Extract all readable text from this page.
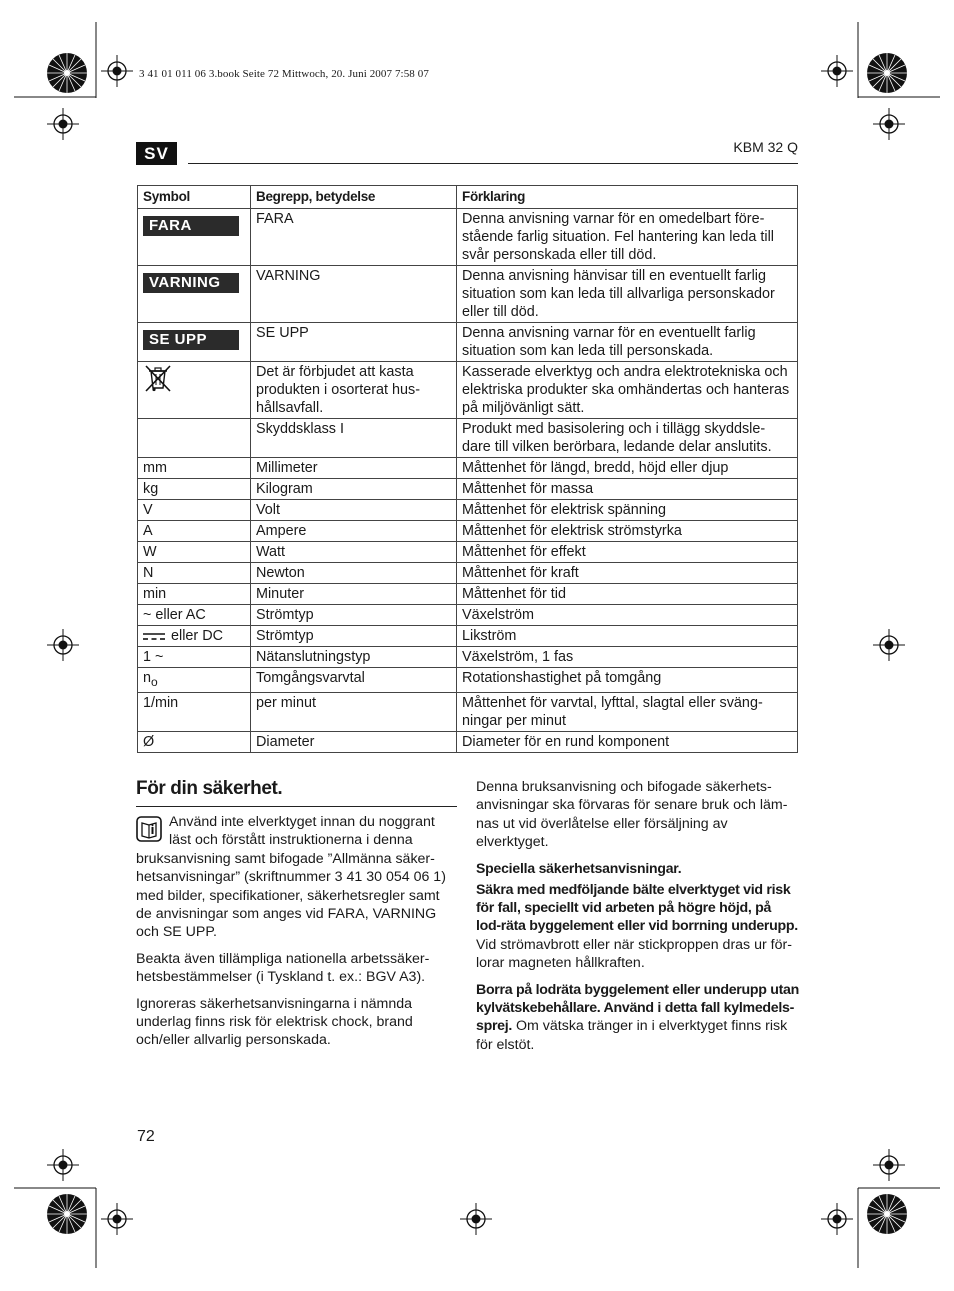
3 41 01 011 06 3.book Seite 72 Mittwoch, 20. Juni 2007 7:58 07
SV	KBM 32 Q
Symbol	Begrepp, betydelse	Förklaring
FARA	FARA	Denna anvisning varnar för en omedelbart före-stående farlig situation. Fel hantering kan leda till svår personskada eller till död.
VARNING	VARNING	Denna anvisning hänvisar till en eventuellt farlig situation som kan leda till allvarliga personskador eller till död.
SE UPP	SE UPP	Denna anvisning varnar för en eventuellt farlig situation som kan leda till personskada.
	Det är förbjudet att kasta produkten i osorterat hus-hållsavfall.	Kasserade elverktyg och andra elektrotekniska och elektriska produkter ska omhändertas och hanteras på miljövänligt sätt.
	Skyddsklass I	Produkt med basisolering och i tillägg skyddsle-dare till vilken berörbara, ledande delar anslutits.
mm	Millimeter	Måttenhet för längd, bredd, höjd eller djup
kg	Kilogram	Måttenhet för massa
V	Volt	Måttenhet för elektrisk spänning
A	Ampere	Måttenhet för elektrisk strömstyrka
W	Watt	Måttenhet för effekt
N	Newton	Måttenhet för kraft
min	Minuter	Måttenhet för tid
~ eller AC	Strömtyp	Växelström
eller DC	Strömtyp	Likström
1 ~	Nätanslutningstyp	Växelström, 1 fas
$n_o$	Tomgångsvarvtal	Rotationshastighet på tomgång
1/min	per minut	Måttenhet för varvtal, lyfttal, slagtal eller sväng-ningar per minut
Ø	Diameter	Diameter för en rund komponent
För din säkerhet.

Använd inte elverktyget innan du noggrant läst och förstått instruktionerna i denna bruksanvisning samt bifogade ”Allmänna säker-hetsanvisningar” (skriftnummer 3 41 30 054 06 1) med bilder, specifikationer, säkerhetsregler samt de anvisningar som anges vid FARA, VARNING och SE UPP.

Beakta även tillämpliga nationella arbetssäker-hetsbestämmelser (i Tyskland t. ex.: BGV A3).

Ignoreras säkerhetsanvisningarna i nämnda underlag finns risk för elektrisk chock, brand och/eller allvarlig personskada.

Denna bruksanvisning och bifogade säkerhets-anvisningar ska förvaras för senare bruk och läm-nas ut vid överlåtelse eller försäljning av elverktyget.

Speciella säkerhetsanvisningar.

Säkra med medföljande bälte elverktyget vid risk för fall, speciellt vid arbeten på högre höjd, på lod-räta byggelement eller vid borrning underupp. Vid strömavbrott eller när stickproppen dras ur för-lorar magneten hållkraften.

Borra på lodräta byggelement eller underupp utan kylvätskebehållare. Använd i detta fall kylmedels-sprej. Om vätska tränger in i elverktyget finns risk för elstöt.

72
